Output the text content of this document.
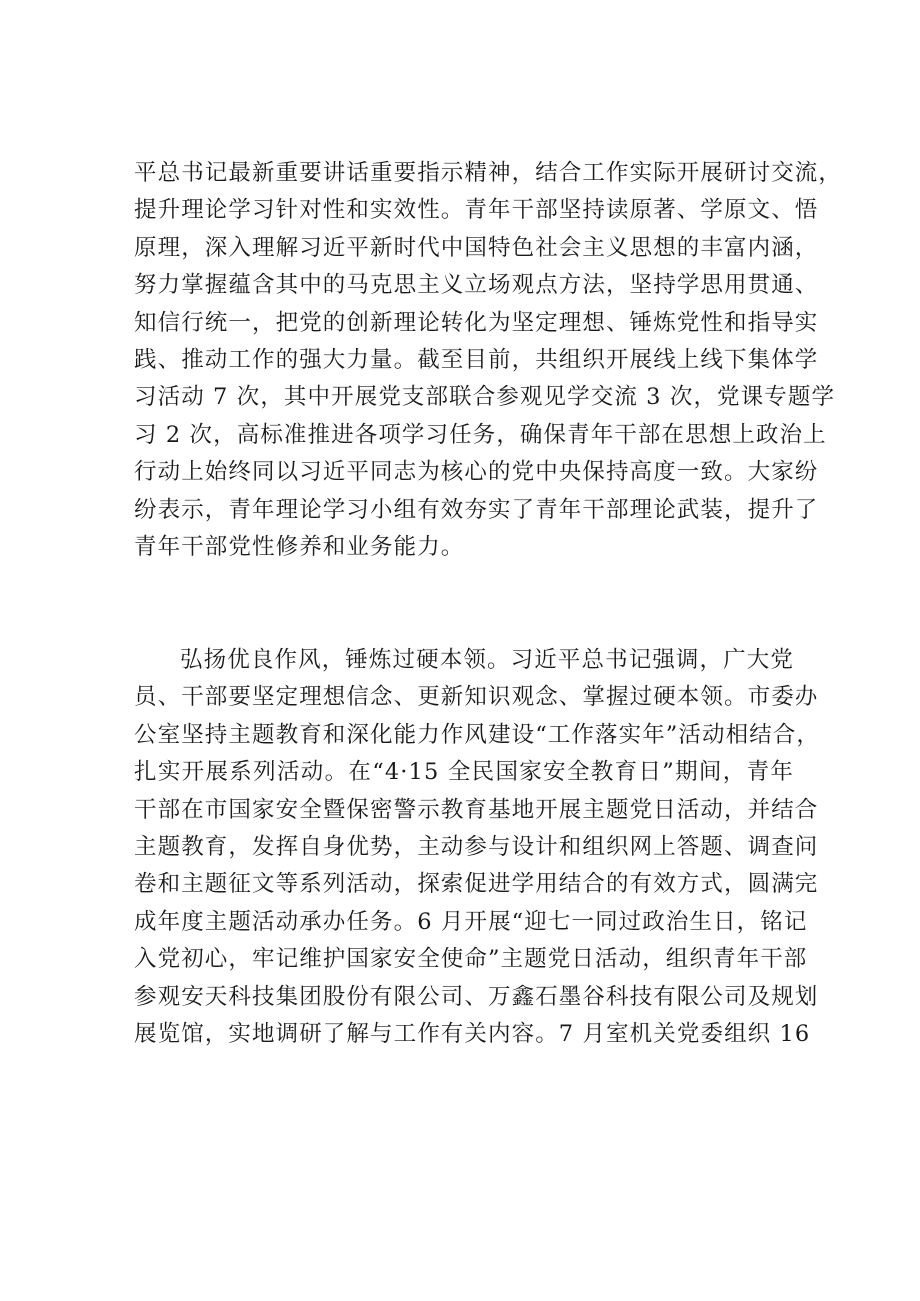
平总书记最新重要讲话重要指示精神，结合工作实际开展研讨交流，
提升理论学习针对性和实效性。青年干部坚持读原著、学原文、悟
原理，深入理解习近平新时代中国特色社会主义思想的丰富内涵，
努力掌握蕴含其中的马克思主义立场观点方法，坚持学思用贯通、
知信行统一，把党的创新理论转化为坚定理想、锤炼党性和指导实
践、推动工作的强大力量。截至目前，共组织开展线上线下集体学
习活动 7 次，其中开展党支部联合参观见学交流 3 次，党课专题学
习 2 次，高标准推进各项学习任务，确保青年干部在思想上政治上
行动上始终同以习近平同志为核心的党中央保持高度一致。大家纷
纷表示，青年理论学习小组有效夯实了青年干部理论武装，提升了
青年干部党性修养和业务能力。
弘扬优良作风，锤炼过硬本领。习近平总书记强调，广大党
员、干部要坚定理想信念、更新知识观念、掌握过硬本领。市委办
公室坚持主题教育和深化能力作风建设“工作落实年”活动相结合，
扎实开展系列活动。在“4·15 全民国家安全教育日”期间，青年
干部在市国家安全暨保密警示教育基地开展主题党日活动，并结合
主题教育，发挥自身优势，主动参与设计和组织网上答题、调查问
卷和主题征文等系列活动，探索促进学用结合的有效方式，圆满完
成年度主题活动承办任务。6 月开展“迎七一同过政治生日，铭记
入党初心，牢记维护国家安全使命”主题党日活动，组织青年干部
参观安天科技集团股份有限公司、万鑫石墨谷科技有限公司及规划
展览馆，实地调研了解与工作有关内容。7 月室机关党委组织 16
